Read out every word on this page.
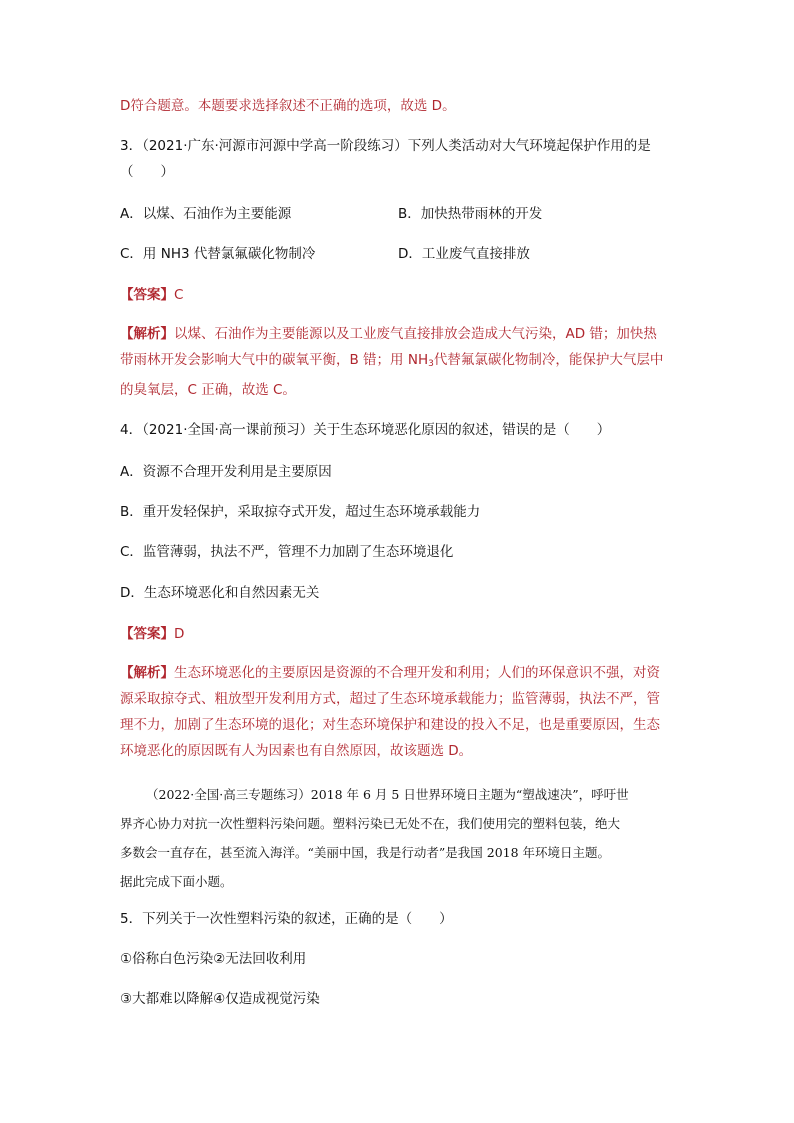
D符合题意。本题要求选择叙述不正确的选项，故选 D。
3．（2021·广东·河源市河源中学高一阶段练习）下列人类活动对大气环境起保护作用的是
（　　）
A．以煤、石油作为主要能源	B．加快热带雨林的开发
C．用 NH3 代替氯氟碳化物制冷	D．工业废气直接排放
【答案】C
【解析】以煤、石油作为主要能源以及工业废气直接排放会造成大气污染，AD 错；加快热
带雨林开发会影响大气中的碳氧平衡，B 错；用 $NH_3$代替氟氯碳化物制冷，能保护大气层中
的臭氧层，C 正确，故选 C。
4．（2021·全国·高一课前预习）关于生态环境恶化原因的叙述，错误的是（　　）
A．资源不合理开发利用是主要原因
B．重开发轻保护，采取掠夺式开发，超过生态环境承载能力
C．监管薄弱，执法不严，管理不力加剧了生态环境退化
D．生态环境恶化和自然因素无关
【答案】D
【解析】生态环境恶化的主要原因是资源的不合理开发和利用；人们的环保意识不强，对资
源采取掠夺式、粗放型开发利用方式，超过了生态环境承载能力；监管薄弱，执法不严，管
理不力，加剧了生态环境的退化；对生态环境保护和建设的投入不足，也是重要原因，生态
环境恶化的原因既有人为因素也有自然原因，故该题选 D。
（2022·全国·高三专题练习）2018 年 6 月 5 日世界环境日主题为“塑战速决”，呼吁世
界齐心协力对抗一次性塑料污染问题。塑料污染已无处不在，我们使用完的塑料包装，绝大
多数会一直存在，甚至流入海洋。“美丽中国，我是行动者”是我国 2018 年环境日主题。
据此完成下面小题。
5．下列关于一次性塑料污染的叙述，正确的是（　　）
①俗称白色污染②无法回收利用
③大都难以降解④仅造成视觉污染
